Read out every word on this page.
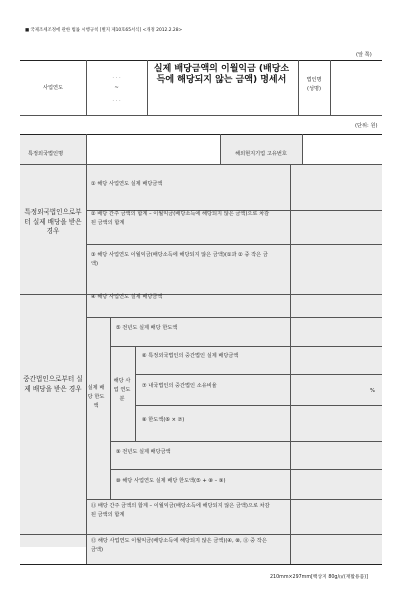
■ 국제조세조정에 관한 법률 시행규칙 [별지 제10호65서식] <개정 2012.2.28>
(앞 쪽)
사업연도
. . .
~
. . .
실제 배당금액의 이월익금 (배당소득에 해당되지 않는 금액) 명세서	법인명 (성명)
(단위: 원)
특정외국법인명	해외현지기업 고유번호
특정외국법인으로부터 실제 배당을 받은 경우
① 해당 사업연도 실제 배당금액
② 배당 간주 금액의 합계 – 이월익금(배당소득에 해당되지 않은 금액)으로 차감된 금액의 합계
③ 해당 사업연도 이월익금(배당소득에 해당되지 않은 금액)(①과 ② 중 작은 금액)
중간법인으로부터 실제 배당을 받은 경우
④ 해당 사업연도 실제 배당금액
실제 배당 한도액
⑤ 전년도 실제 배당 한도액
해당 사업 연도분
⑥ 특정외국법인의 중간법인 실제 배당금액
⑦ 내국법인의 중간법인 소유비율
%
⑧ 한도액(⑥ × ⑦)
⑨ 전년도 실제 배당금액
⑩ 해당 사업연도 실제 배당 한도액(⑤ + ⑧ – ⑨)
⑪ 배당 간주 금액의 합계 – 이월익금(배당소득에 해당되지 않은 금액)으로 차감된 금액의 합계
⑫ 해당 사업연도 이월익금(배당소득에 해당되지 않은 금액)(④, ⑩, ⑪ 중 작은 금액)
210mm×297mm[백상지 80g/㎡(재활용품)]
